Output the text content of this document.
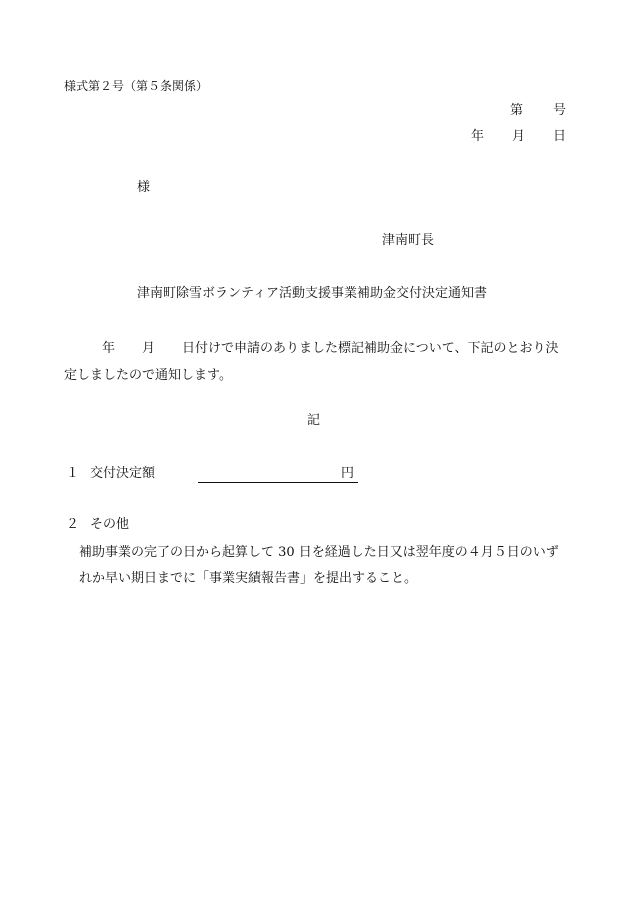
様式第２号（第５条関係）
第 号
年 月 日
様
津南町長
津南町除雪ボランティア活動支援事業補助金交付決定通知書
年 月 日付けで申請のありました標記補助金について、下記のとおり決
定しましたので通知します。
記
１ 交付決定額	円
２ その他
補助事業の完了の日から起算して 30 日を経過した日又は翌年度の４月５日のいず
れか早い期日までに「事業実績報告書」を提出すること。
